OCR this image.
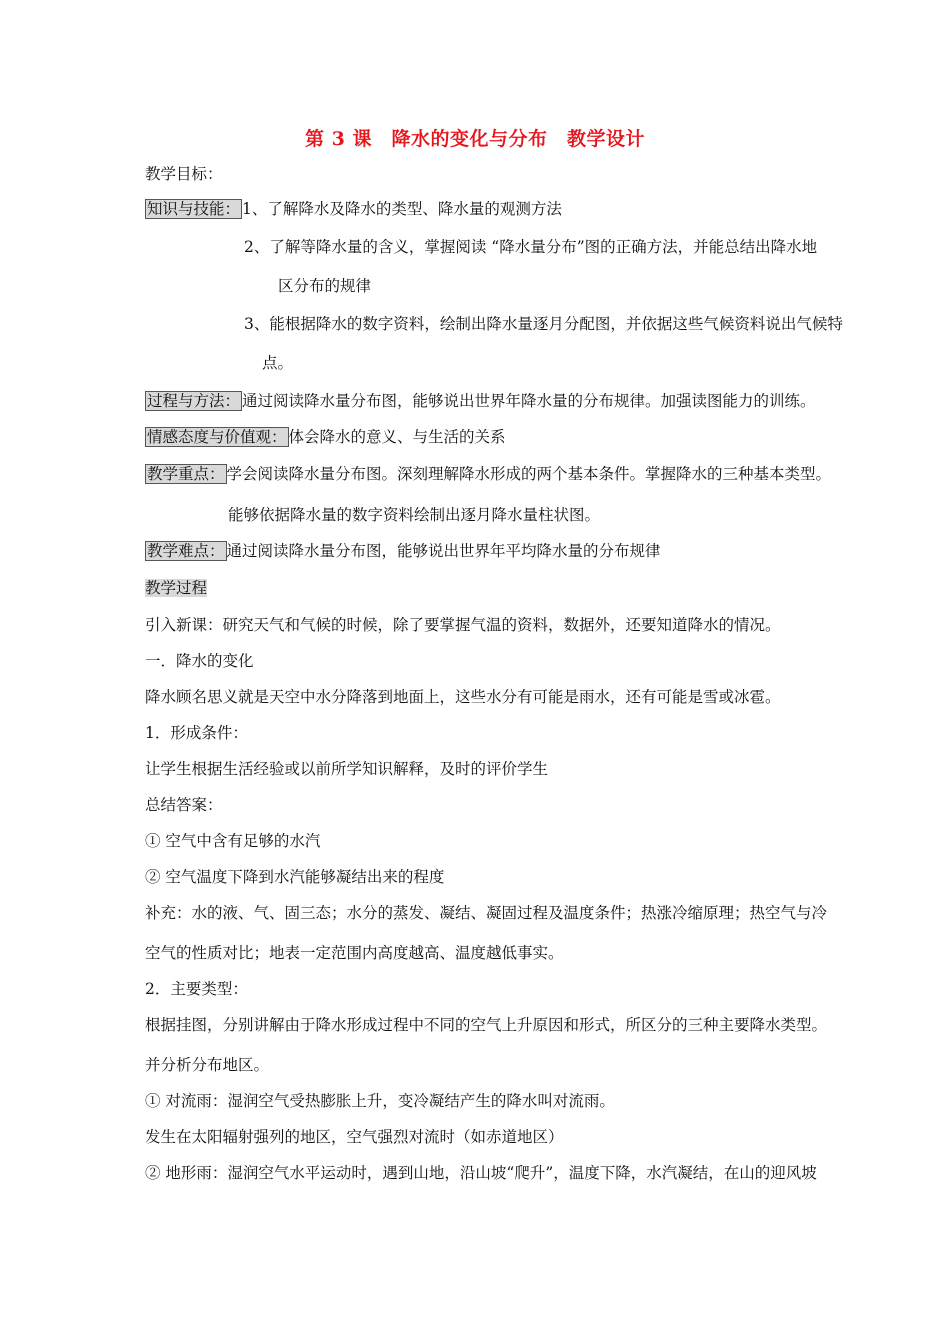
第 3 课　降水的变化与分布　教学设计
教学目标：
知识与技能： 1、了解降水及降水的类型、降水量的观测方法
2、了解等降水量的含义，掌握阅读 “降水量分布”图的正确方法，并能总结出降水地
区分布的规律
3、能根据降水的数字资料，绘制出降水量逐月分配图，并依据这些气候资料说出气候特
点。
过程与方法： 通过阅读降水量分布图，能够说出世界年降水量的分布规律。加强读图能力的训练。
情感态度与价值观： 体会降水的意义、与生活的关系
教学重点： 学会阅读降水量分布图。深刻理解降水形成的两个基本条件。掌握降水的三种基本类型。
能够依据降水量的数字资料绘制出逐月降水量柱状图。
教学难点： 通过阅读降水量分布图，能够说出世界年平均降水量的分布规律
教学过程
引入新课：研究天气和气候的时候，除了要掌握气温的资料，数据外，还要知道降水的情况。
一．降水的变化
降水顾名思义就是天空中水分降落到地面上，这些水分有可能是雨水，还有可能是雪或冰雹。
1．形成条件：
让学生根据生活经验或以前所学知识解释，及时的评价学生
总结答案：
① 空气中含有足够的水汽
② 空气温度下降到水汽能够凝结出来的程度
补充：水的液、气、固三态；水分的蒸发、凝结、凝固过程及温度条件；热涨冷缩原理；热空气与冷
空气的性质对比；地表一定范围内高度越高、温度越低事实。
2．主要类型：
根据挂图，分别讲解由于降水形成过程中不同的空气上升原因和形式，所区分的三种主要降水类型。
并分析分布地区。
① 对流雨：湿润空气受热膨胀上升，变冷凝结产生的降水叫对流雨。
发生在太阳辐射强列的地区，空气强烈对流时（如赤道地区）
② 地形雨：湿润空气水平运动时，遇到山地，沿山坡“爬升”，温度下降，水汽凝结，在山的迎风坡
